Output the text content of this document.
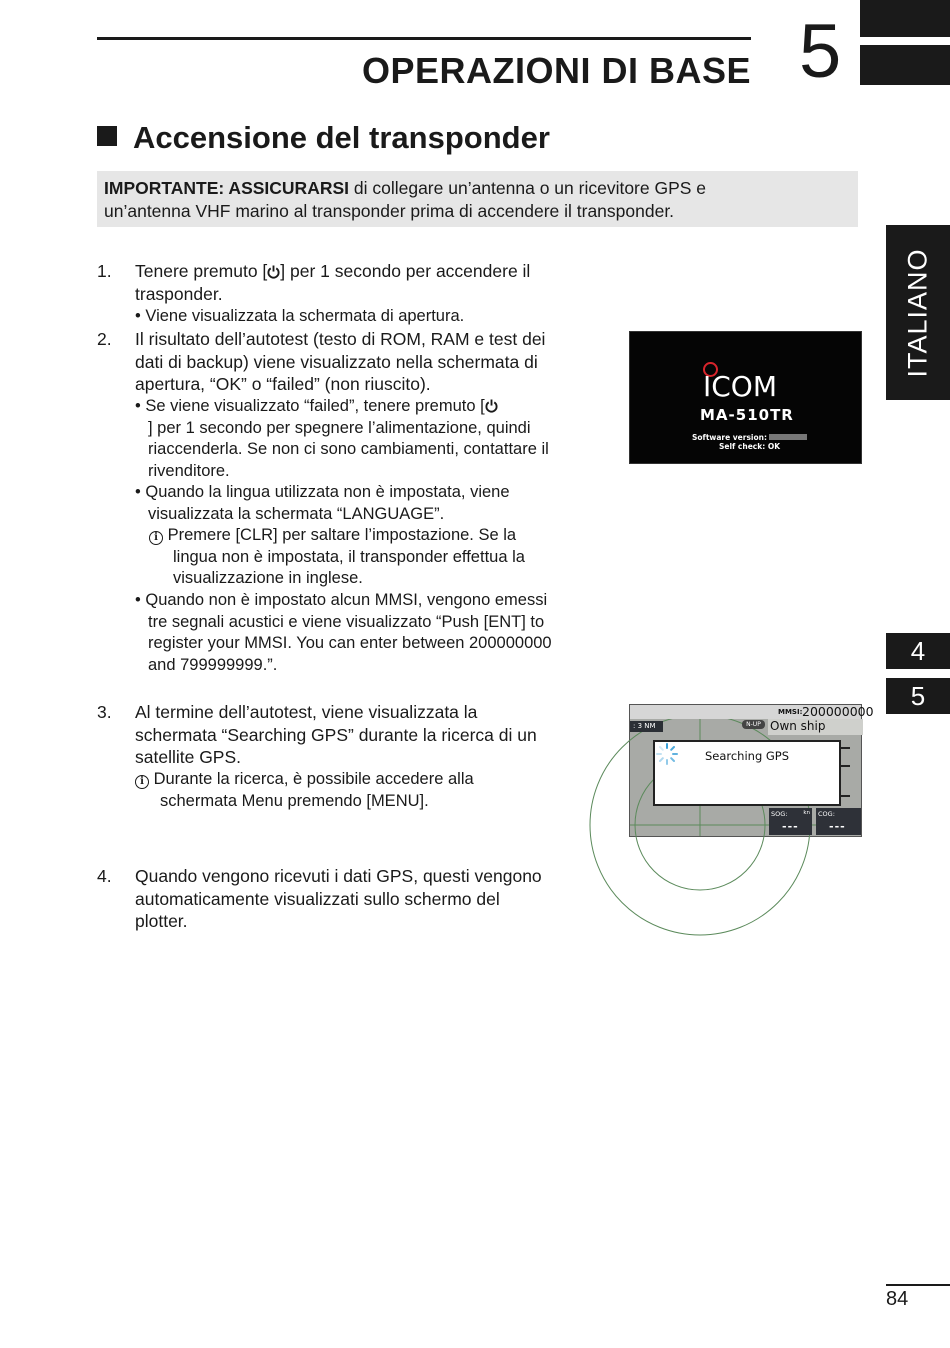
OPERAZIONI DI BASE 5
Accensione del transponder
IMPORTANTE: ASSICURARSI di collegare un’antenna o un ricevitore GPS e
un’antenna VHF marino al transponder prima di accendere il transponder.
ITALIANO
4
5
1.	Tenere premuto [ ] per 1 secondo per accendere il
trasponder.
• Viene visualizzata la schermata di apertura.
2.	Il risultato dell’autotest (testo di ROM, RAM e test dei
dati di backup) viene visualizzato nella schermata di
apertura, “OK” o “failed” (non riuscito).
• Se viene visualizzato “failed”, tenere premuto [
] per 1 secondo per spegnere l’alimentazione, quindi
riaccenderla. Se non ci sono cambiamenti, contattare il
rivenditore.
• Quando la lingua utilizzata non è impostata, viene
visualizzata la schermata “LANGUAGE”.
i Premere [CLR] per saltare l’impostazione. Se la
lingua non è impostata, il transponder effettua la
visualizzazione in inglese.
• Quando non è impostato alcun MMSI, vengono emessi
tre segnali acustici e viene visualizzato “Push [ENT] to
register your MMSI. You can enter between 200000000
and 799999999.”.
3.	Al termine dell’autotest, viene visualizzata la
schermata “Searching GPS” durante la ricerca di un
satellite GPS.
i Durante la ricerca, è possibile accedere alla
schermata Menu premendo [MENU].
4.	Quando vengono ricevuti i dati GPS, questi vengono
automaticamente visualizzati sullo schermo del
plotter.
ICOM
MA-510TR
Software version:
Self check: OK
MMSI: 200000000
: 3 NM	N-UP Own ship
Searching GPS
SOG:	kn
---
COG:
---
84
